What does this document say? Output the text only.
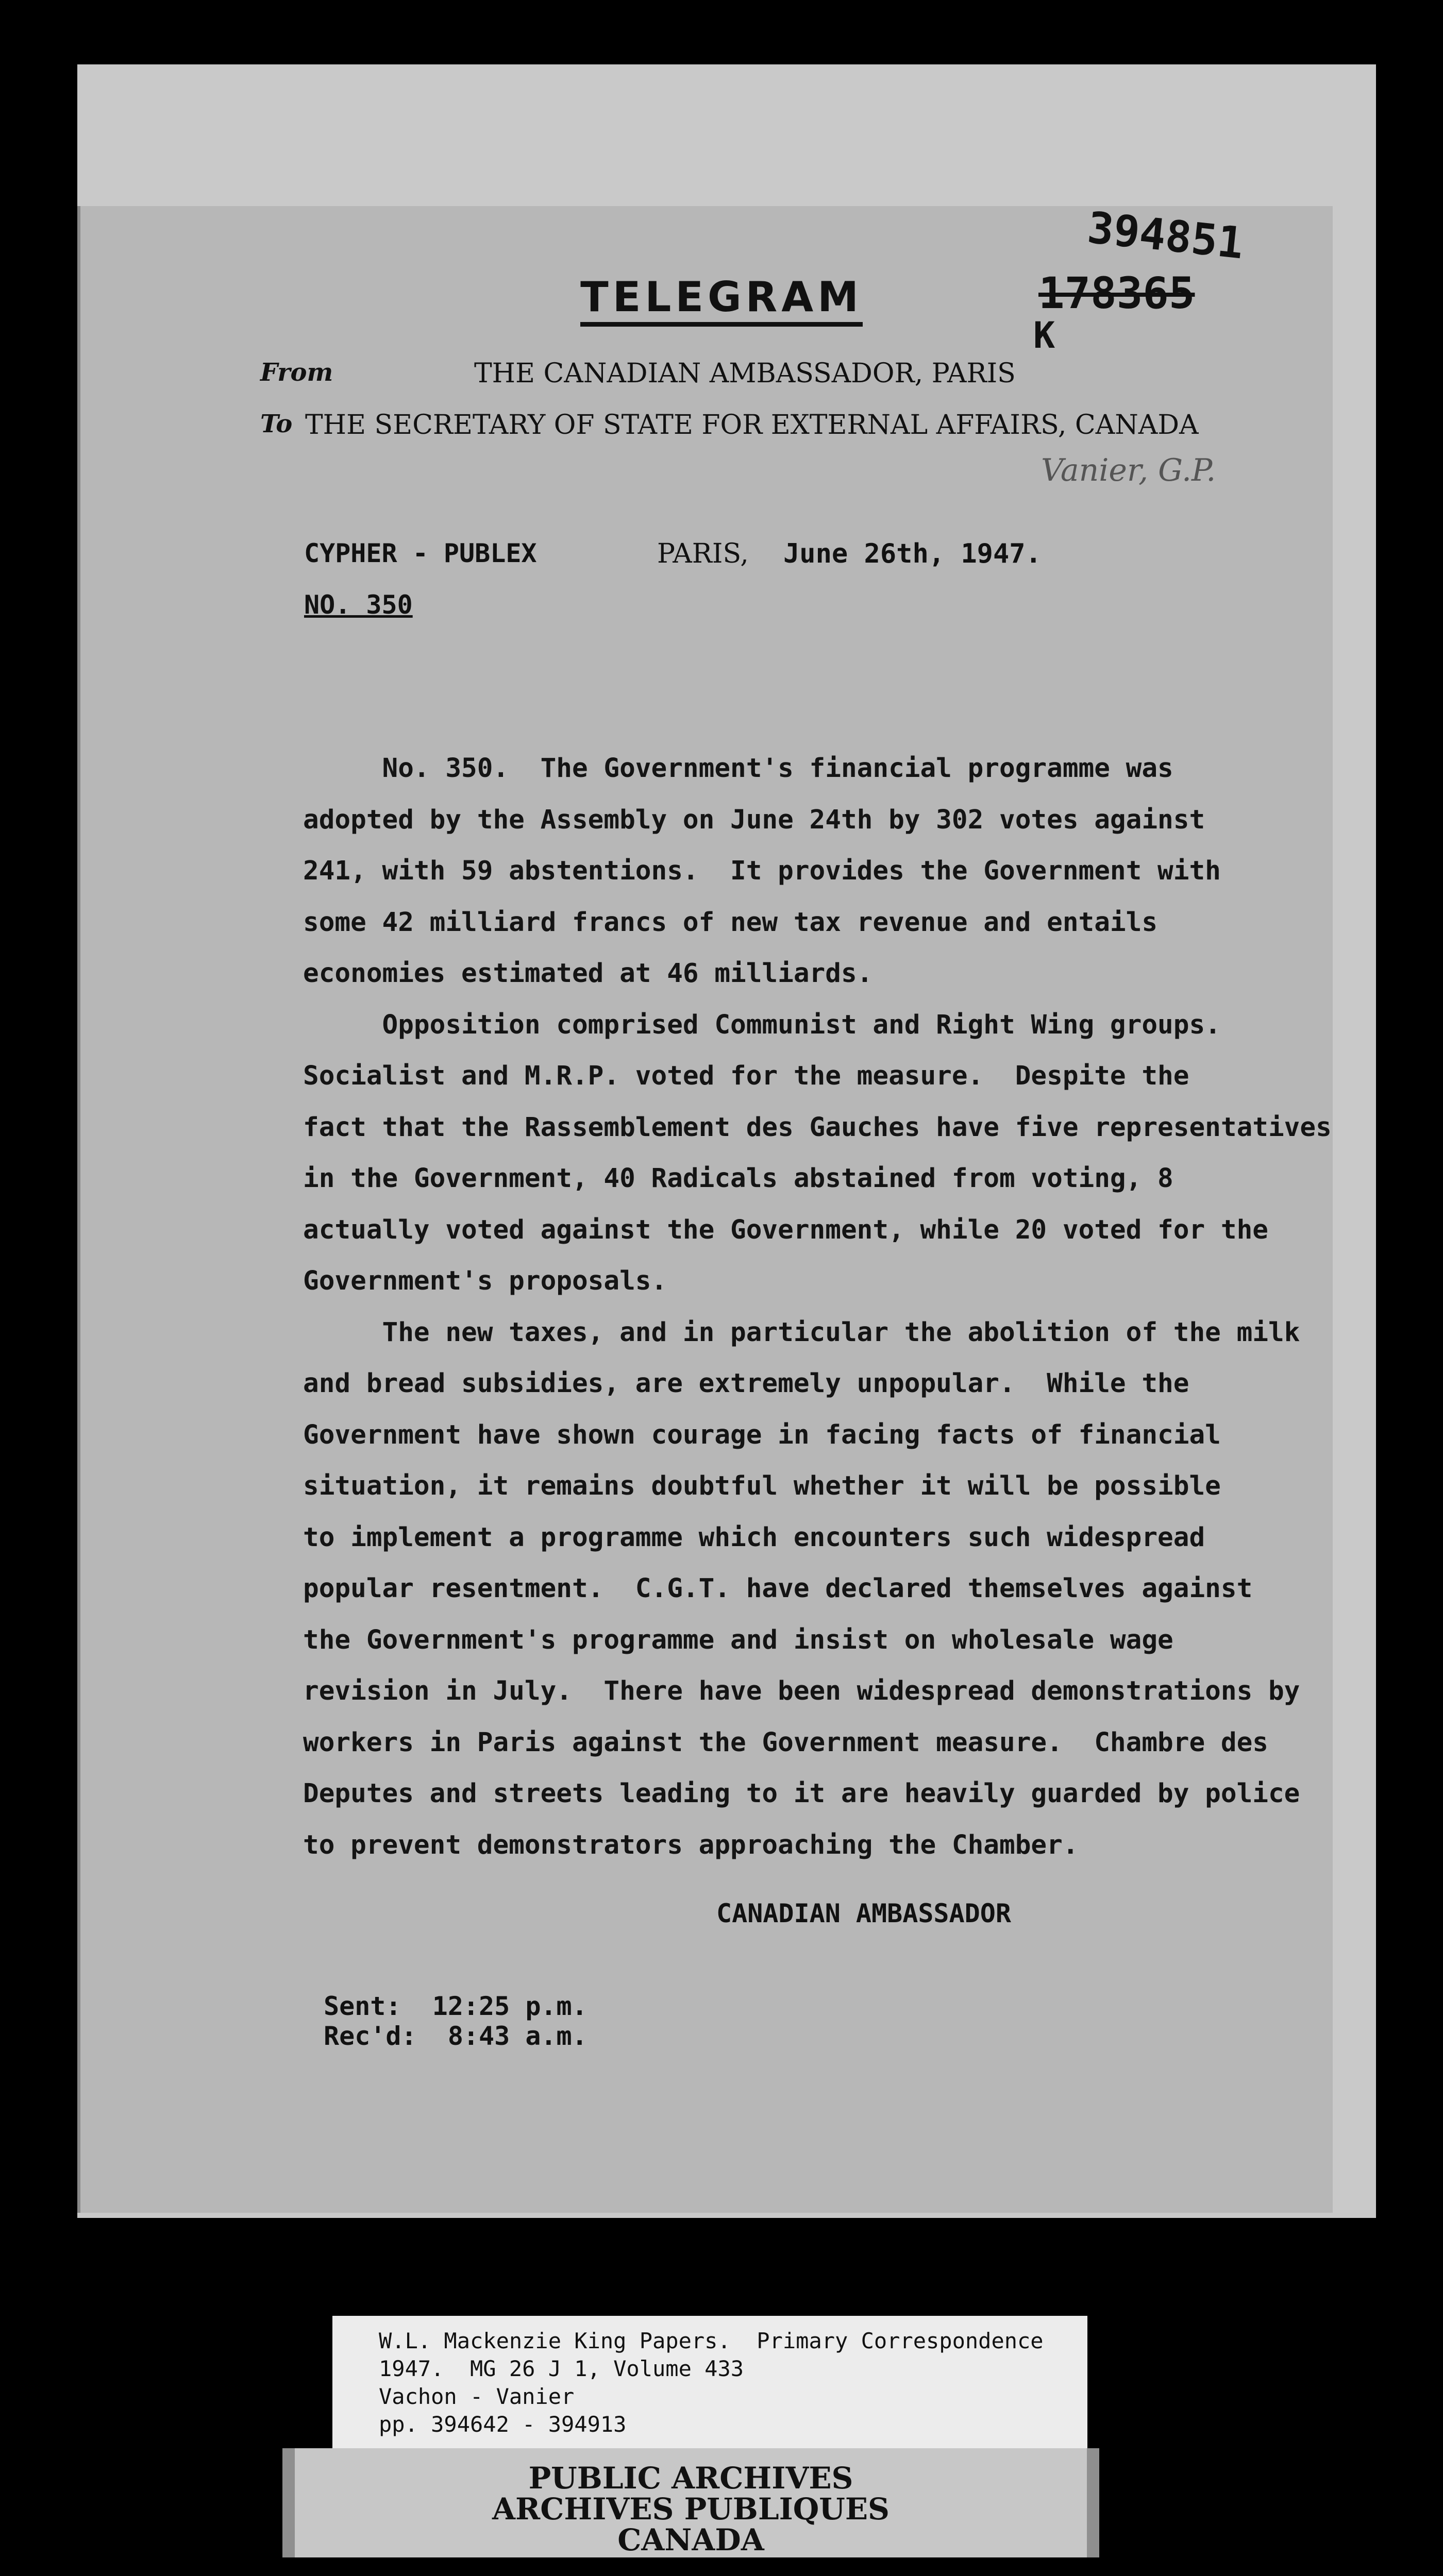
394851
178365
K
TELEGRAM
From	THE CANADIAN AMBASSADOR, PARIS
To THE SECRETARY OF STATE FOR EXTERNAL AFFAIRS, CANADA
Vanier, G.P.
CYPHER - PUBLEX	PARIS, June 26th, 1947.
NO. 350

No. 350.  The Government's financial programme was

adopted by the Assembly on June 24th by 302 votes against

241, with 59 abstentions.  It provides the Government with

some 42 milliard francs of new tax revenue and entails

economies estimated at 46 milliards.

Opposition comprised Communist and Right Wing groups.

Socialist and M.R.P. voted for the measure.  Despite the

fact that the Rassemblement des Gauches have five representatives

in the Government, 40 Radicals abstained from voting, 8

actually voted against the Government, while 20 voted for the

Government's proposals.

The new taxes, and in particular the abolition of the milk

and bread subsidies, are extremely unpopular.  While the

Government have shown courage in facing facts of financial

situation, it remains doubtful whether it will be possible

to implement a programme which encounters such widespread

popular resentment.  C.G.T. have declared themselves against

the Government's programme and insist on wholesale wage

revision in July.  There have been widespread demonstrations by

workers in Paris against the Government measure.  Chambre des

Deputes and streets leading to it are heavily guarded by police

to prevent demonstrators approaching the Chamber.

CANADIAN AMBASSADOR
Sent:  12:25 p.m.
Rec'd:  8:43 a.m.
W.L. Mackenzie King Papers.  Primary Correspondence
1947.  MG 26 J 1, Volume 433
Vachon - Vanier
pp. 394642 - 394913
PUBLIC ARCHIVES
ARCHIVES PUBLIQUES
CANADA
